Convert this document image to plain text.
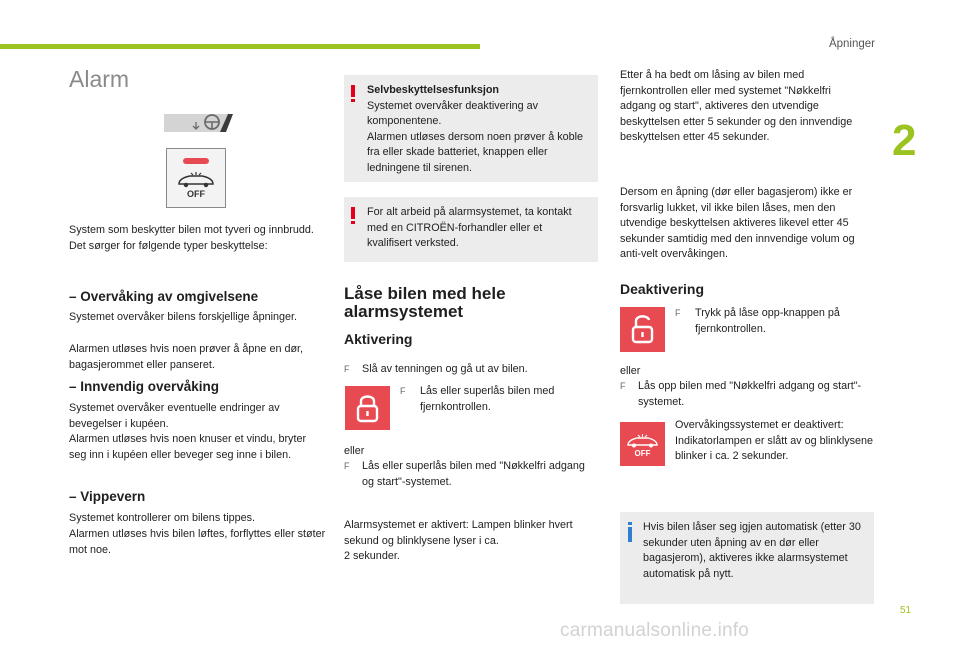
Åpninger
2
Alarm
OFF

System som beskytter bilen mot tyveri og innbrudd. Det sørger for følgende typer beskyttelse:

– Overvåking av omgivelsene

Systemet overvåker bilens forskjellige åpninger.

Alarmen utløses hvis noen prøver å åpne en dør, bagasjerommet eller panseret.

– Innvendig overvåking

Systemet overvåker eventuelle endringer av bevegelser i kupéen.

Alarmen utløses hvis noen knuser et vindu, bryter seg inn i kupéen eller beveger seg inne i bilen.

– Vippevern

Systemet kontrollerer om bilens tippes.

Alarmen utløses hvis bilen løftes, forflyttes eller støter mot noe.

Selvbeskyttelsesfunksjon

Systemet overvåker deaktivering av komponentene.

Alarmen utløses dersom noen prøver å koble fra eller skade batteriet, knappen eller ledningene til sirenen.

For alt arbeid på alarmsystemet, ta kontakt med en CITROËN-forhandler eller et kvalifisert verksted.

Låse bilen med hele alarmsystemet

Aktivering

F Slå av tenningen og gå ut av bilen.
F Lås eller superlås bilen med fjernkontrollen.

eller

F Lås eller superlås bilen med "Nøkkelfri adgang og start"-systemet.

Alarmsystemet er aktivert: Lampen blinker hvert sekund og blinklysene lyser i ca.

2 sekunder.

Etter å ha bedt om låsing av bilen med fjernkontrollen eller med systemet "Nøkkelfri adgang og start", aktiveres den utvendige beskyttelsen etter 5 sekunder og den innvendige beskyttelsen etter 45 sekunder.

Dersom en åpning (dør eller bagasjerom) ikke er forsvarlig lukket, vil ikke bilen låses, men den utvendige beskyttelsen aktiveres likevel etter 45 sekunder samtidig med den innvendige volum og anti-velt overvåkingen.

Deaktivering

F Trykk på låse opp-knappen på fjernkontrollen.

eller

F Lås opp bilen med "Nøkkelfri adgang og start"-systemet.
OFF

Overvåkingssystemet er deaktivert: Indikatorlampen er slått av og blinklysene blinker i ca. 2 sekunder.

Hvis bilen låser seg igjen automatisk (etter 30 sekunder uten åpning av en dør eller bagasjerom), aktiveres ikke alarmsystemet automatisk på nytt.

51
carmanualsonline.info
